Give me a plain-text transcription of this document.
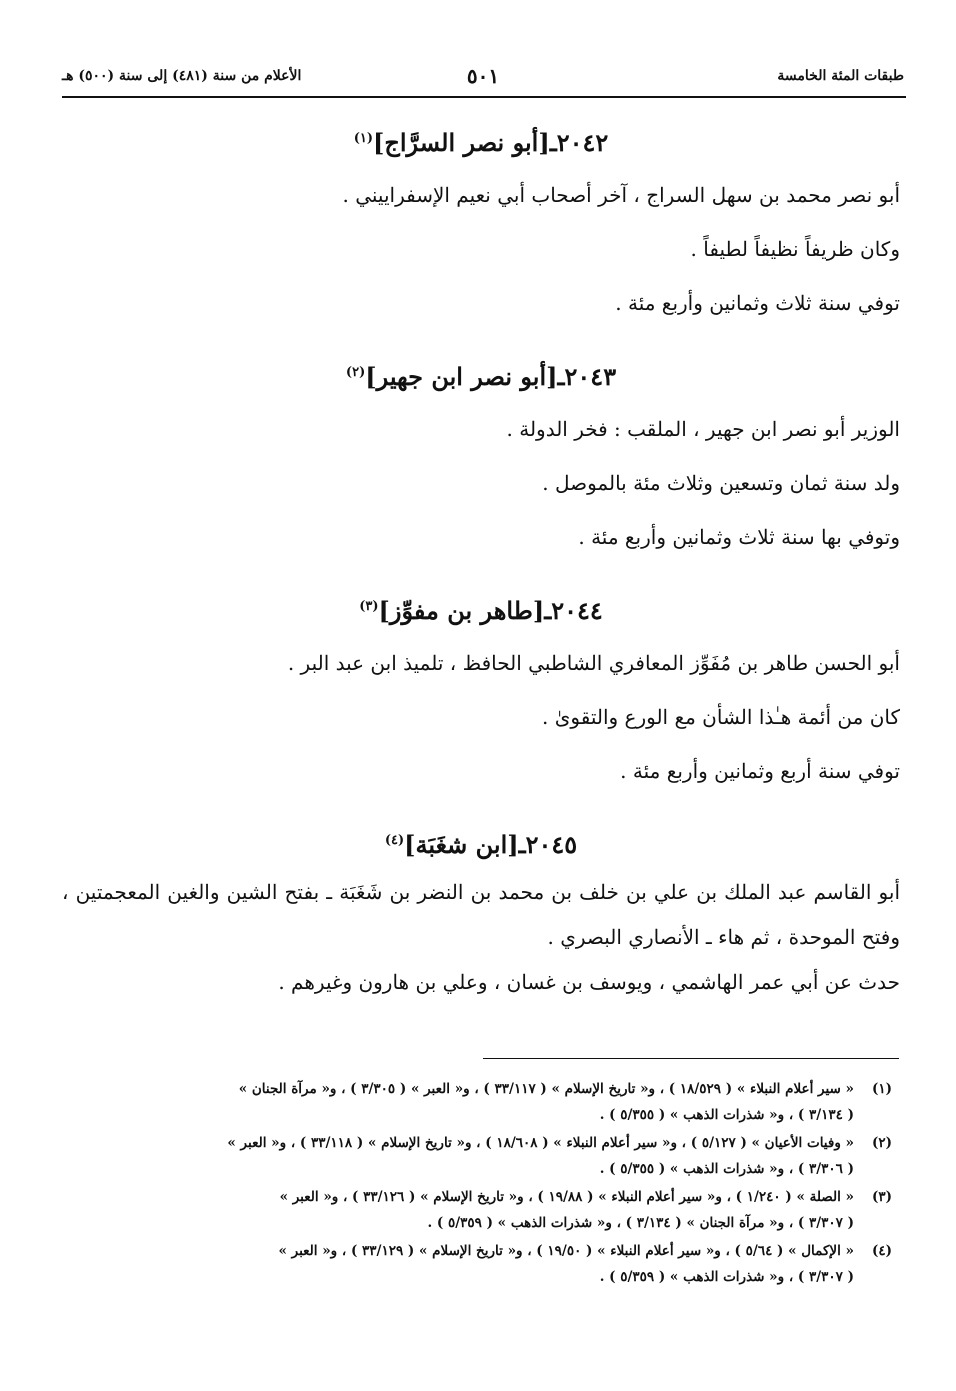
طبقات المئة الخامسة
٥٠١
الأعلام من سنة (٤٨١) إلى سنة (٥٠٠) هـ
٢٠٤٢ـ[أبو نصر السرَّاج]$^{(١)}$
أبو نصر محمد بن سهل السراج ، آخر أصحاب أبي نعيم الإسفراييني .
وكان ظريفاً نظيفاً لطيفاً .
توفي سنة ثلاث وثمانين وأربع مئة .
٢٠٤٣ـ[أبو نصر ابن جهير]$^{(٢)}$
الوزير أبو نصر ابن جهير ، الملقب : فخر الدولة .
ولد سنة ثمان وتسعين وثلاث مئة بالموصل .
وتوفي بها سنة ثلاث وثمانين وأربع مئة .
٢٠٤٤ـ[طاهر بن مفوِّز]$^{(٣)}$
أبو الحسن طاهر بن مُفَوِّز المعافري الشاطبي الحافظ ، تلميذ ابن عبد البر .
كان من أئمة هـٰذا الشأن مع الورع والتقوىٰ .
توفي سنة أربع وثمانين وأربع مئة .
٢٠٤٥ـ[ابن شغَبَة]$^{(٤)}$
أبو القاسم عبد الملك بن علي بن خلف بن محمد بن النضر بن شَغَبَة ـ بفتح الشين والغين المعجمتين ، وفتح الموحدة ، ثم هاء ـ الأنصاري البصري .
حدث عن أبي عمر الهاشمي ، ويوسف بن غسان ، وعلي بن هارون وغيرهم .
(١)
« سير أعلام النبلاء » ( ١٨/٥٢٩ ) ، و« تاريخ الإسلام » ( ٣٣/١١٧ ) ، و« العبر » ( ٣/٣٠٥ ) ، و« مرآة الجنان »
( ٣/١٣٤ ) ، و« شذرات الذهب » ( ٥/٣٥٥ ) .
(٢)
« وفيات الأعيان » ( ٥/١٢٧ ) ، و« سير أعلام النبلاء » ( ١٨/٦٠٨ ) ، و« تاريخ الإسلام » ( ٣٣/١١٨ ) ، و« العبر »
( ٣/٣٠٦ ) ، و« شذرات الذهب » ( ٥/٣٥٥ ) .
(٣)
« الصلة » ( ١/٢٤٠ ) ، و« سير أعلام النبلاء » ( ١٩/٨٨ ) ، و« تاريخ الإسلام » ( ٣٣/١٢٦ ) ، و« العبر »
( ٣/٣٠٧ ) ، و« مرآة الجنان » ( ٣/١٣٤ ) ، و« شذرات الذهب » ( ٥/٣٥٩ ) .
(٤)
« الإكمال » ( ٥/٦٤ ) ، و« سير أعلام النبلاء » ( ١٩/٥٠ ) ، و« تاريخ الإسلام » ( ٣٣/١٢٩ ) ، و« العبر »
( ٣/٣٠٧ ) ، و« شذرات الذهب » ( ٥/٣٥٩ ) .
